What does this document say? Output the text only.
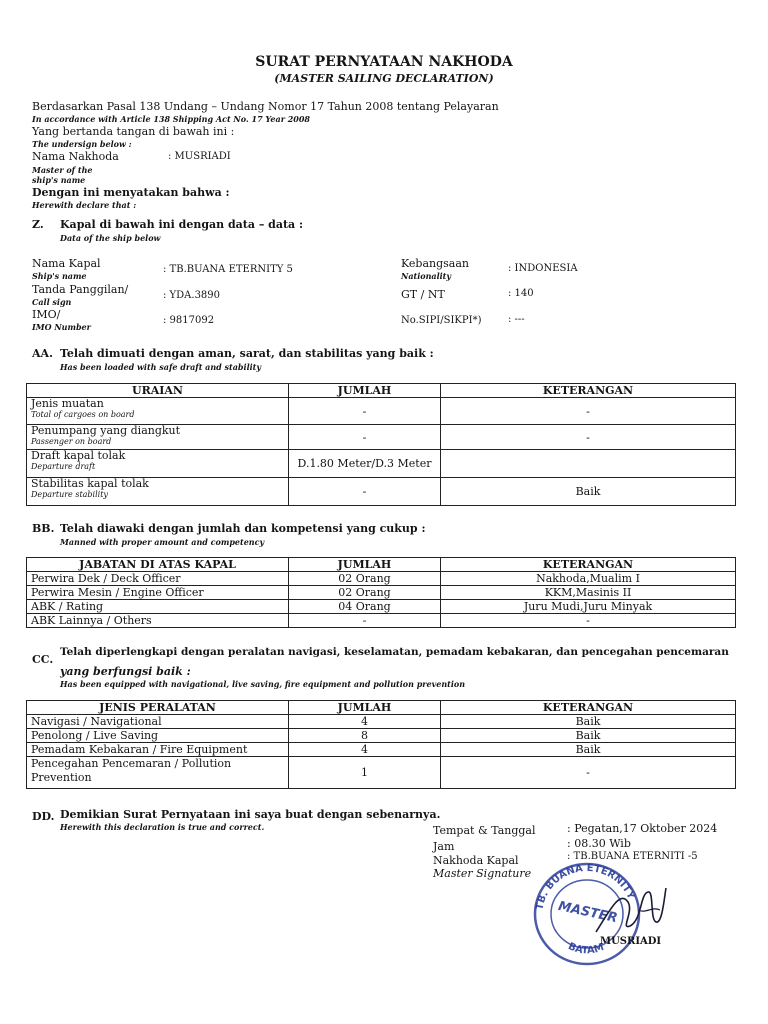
SURAT PERNYATAAN NAKHODA
(MASTER SAILING DECLARATION)
Berdasarkan Pasal 138 Undang – Undang Nomor 17 Tahun 2008 tentang Pelayaran
In accordance with Article 138 Shipping Act No. 17 Year 2008
Yang bertanda tangan di bawah ini :
The undersign below :
Nama Nakhoda
Master of the
ship's name
: MUSRIADI
Dengan ini menyatakan bahwa :
Herewith declare that :
Z. Kapal di bawah ini dengan data – data :
Data of the ship below
Nama Kapal
Ship's name
: TB.BUANA ETERNITY 5
Tanda Panggilan/
Call sign
: YDA.3890
IMO/
IMO Number
: 9817092
Kebangsaan
Nationality
: INDONESIA
GT / NT	: 140
No.SIPI/SIKPI*)	: ---
AA. Telah dimuati dengan aman, sarat, dan stabilitas yang baik :
Has been loaded with safe draft and stability
URAIAN	JUMLAH	KETERANGAN

Jenis muatan
Total of cargoes on board	-	-

Penumpang yang diangkut
Passenger on board	-	-

Draft kapal tolak
Departure draft	D.1.80 Meter/D.3 Meter	

Stabilitas kapal tolak
Departure stability	-	Baik
BB. Telah diawaki dengan jumlah dan kompetensi yang cukup :
Manned with proper amount and competency
JABATAN DI ATAS KAPAL	JUMLAH	KETERANGAN
Perwira Dek / Deck Officer	02 Orang	Nakhoda,Mualim I
Perwira Mesin / Engine Officer	02 Orang	KKM,Masinis II
ABK / Rating	04 Orang	Juru Mudi,Juru Minyak
ABK Lainnya / Others	-	-
CC.
Telah diperlengkapi dengan peralatan navigasi, keselamatan, pemadam kebakaran, dan pencegahan pencemaran
yang berfungsi baik :
Has been equipped with navigational, live saving, fire equipment and pollution prevention
JENIS PERALATAN	JUMLAH	KETERANGAN
Navigasi / Navigational	4	Baik
Penolong / Live Saving	8	Baik
Pemadam Kebakaran / Fire Equipment	4	Baik
Pencegahan Pencemaran / Pollution Prevention	1	-
DD. Demikian Surat Pernyataan ini saya buat dengan sebenarnya.
Herewith this declaration is true and correct.	Tempat & Tanggal	: Pegatan,17 Oktober 2024
Jam	: 08.30 Wib
Nakhoda Kapal	: TB.BUANA ETERNITI -5
Master Signature
TB. BUANA ETERNITY
BATAM
MASTER
MUSRIADI
